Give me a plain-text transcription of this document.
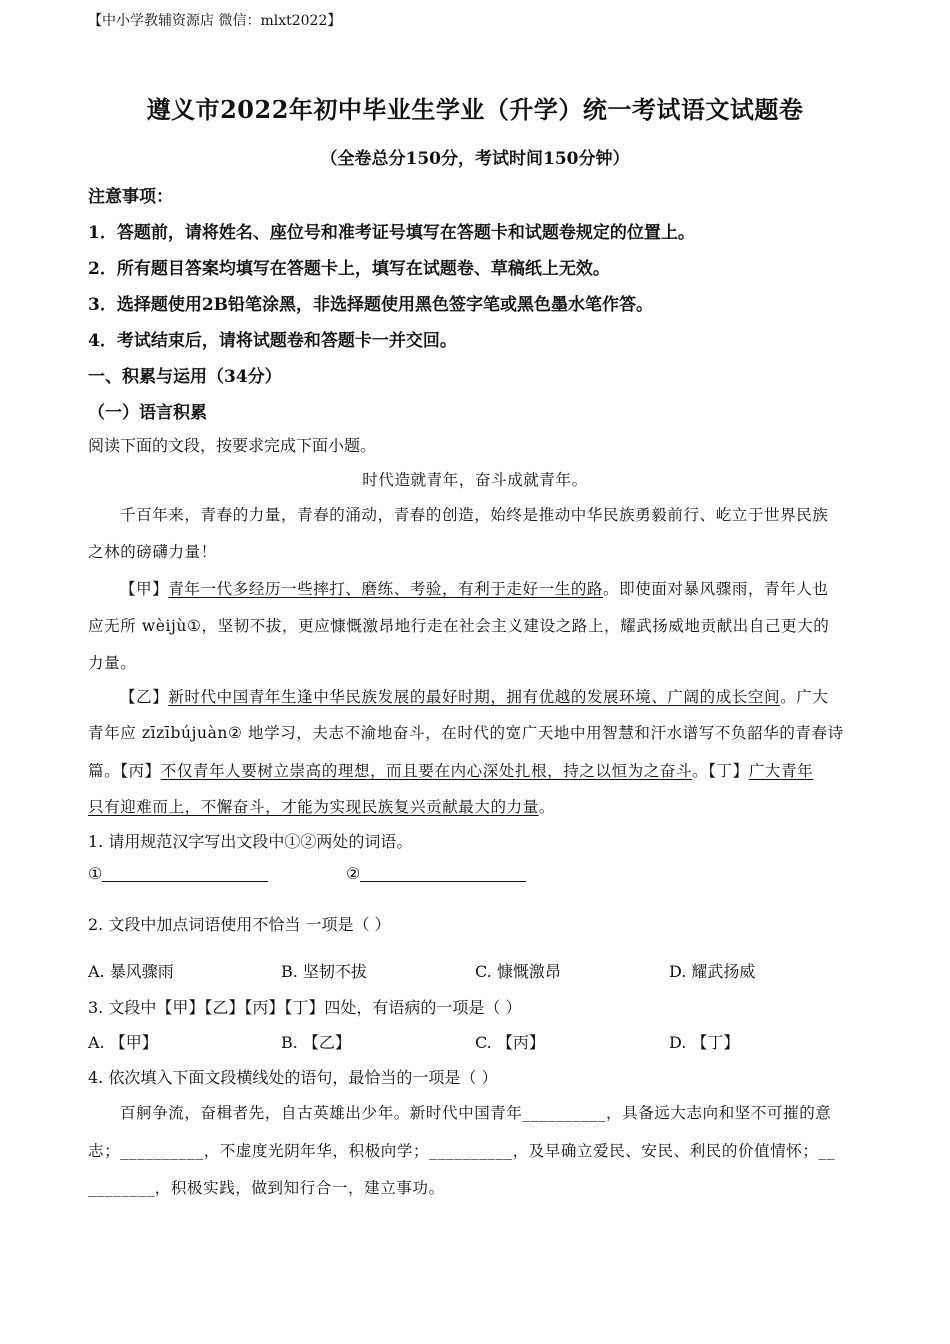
【中小学教辅资源店 微信：mlxt2022】
遵义市2022年初中毕业生学业（升学）统一考试语文试题卷
（全卷总分150分，考试时间150分钟）
注意事项：
1．答题前，请将姓名、座位号和准考证号填写在答题卡和试题卷规定的位置上。
2．所有题目答案均填写在答题卡上，填写在试题卷、草稿纸上无效。
3．选择题使用2B铅笔涂黑，非选择题使用黑色签字笔或黑色墨水笔作答。
4．考试结束后，请将试题卷和答题卡一并交回。
一、积累与运用（34分）
（一）语言积累
阅读下面的文段，按要求完成下面小题。
时代造就青年，奋斗成就青年。
千百年来，青春的力量，青春的涌动，青春的创造，始终是推动中华民族勇毅前行、屹立于世界民族
之林的磅礴力量！
【甲】青年一代多经历一些摔打、磨练、考验，有利于走好一生的路。即使面对暴风骤雨，青年人也
应无所 wèijù①，坚韧不拔，更应慷慨激昂地行走在社会主义建设之路上，耀武扬威地贡献出自己更大的
力量。
【乙】新时代中国青年生逢中华民族发展的最好时期，拥有优越的发展环境、广阔的成长空间。广大
青年应 zīzībújuàn② 地学习，夫志不渝地奋斗，在时代的宽广天地中用智慧和汗水谱写不负韶华的青春诗
篇。【丙】不仅青年人要树立崇高的理想，而且要在内心深处扎根，持之以恒为之奋斗。【丁】广大青年
只有迎难而上，不懈奋斗，才能为实现民族复兴贡献最大的力量。
1. 请用规范汉字写出文段中①②两处的词语。
①	②
2. 文段中加点词语使用不恰当 一项是（ ）
A. 暴风骤雨	B. 坚韧不拔	C. 慷慨激昂	D. 耀武扬威
3. 文段中【甲】【乙】【丙】【丁】四处，有语病的一项是（ ）
A. 【甲】	B. 【乙】	C. 【丙】	D. 【丁】
4. 依次填入下面文段横线处的语句，最恰当的一项是（ ）
百舸争流，奋楫者先，自古英雄出少年。新时代中国青年__________，具备远大志向和坚不可摧的意
志；__________，不虚度光阴年华，积极向学；__________，及早确立爱民、安民、利民的价值情怀；__
________，积极实践，做到知行合一，建立事功。
